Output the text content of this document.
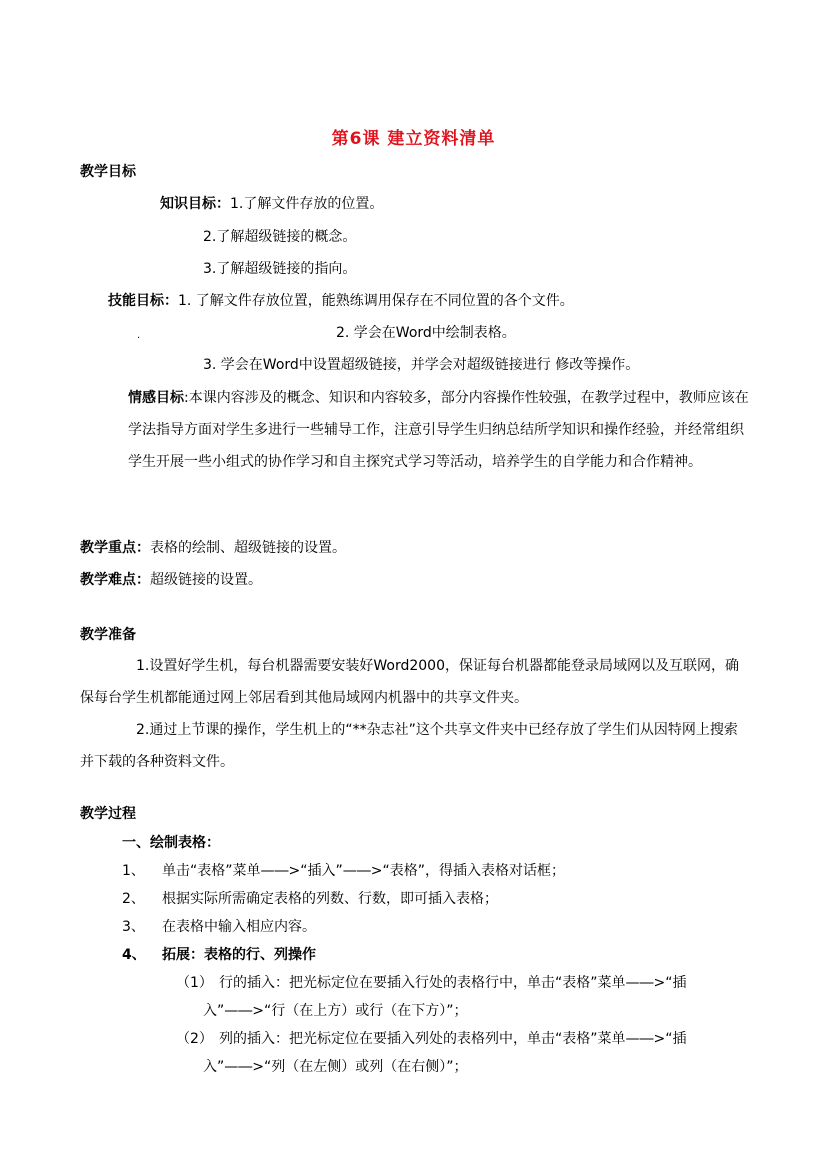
第6课 建立资料清单
教学目标
知识目标：1.了解文件存放的位置。
2.了解超级链接的概念。
3.了解超级链接的指向。
技能目标：1. 了解文件存放位置，能熟练调用保存在不同位置的各个文件。
.	2. 学会在Word中绘制表格。
3. 学会在Word中设置超级链接，并学会对超级链接进行 修改等操作。
情感目标:本课内容涉及的概念、知识和内容较多，部分内容操作性较强，在教学过程中，教师应该在学法指导方面对学生多进行一些辅导工作，注意引导学生归纳总结所学知识和操作经验，并经常组织学生开展一些小组式的协作学习和自主探究式学习等活动，培养学生的自学能力和合作精神。
教学重点：表格的绘制、超级链接的设置。
教学难点：超级链接的设置。
教学准备
1.设置好学生机，每台机器需要安装好Word2000，保证每台机器都能登录局域网以及互联网，确保每台学生机都能通过网上邻居看到其他局域网内机器中的共享文件夹。
2.通过上节课的操作，学生机上的“**杂志社”这个共享文件夹中已经存放了学生们从因特网上搜索并下载的各种资料文件。
教学过程
一、绘制表格：
1、 单击“表格”菜单—―>“插入”—―>“表格”，得插入表格对话框；
2、 根据实际所需确定表格的列数、行数，即可插入表格；
3、 在表格中输入相应内容。
4、 拓展：表格的行、列操作
（1） 行的插入：把光标定位在要插入行处的表格行中，单击“表格”菜单—―>“插
入”—―>“行（在上方）或行（在下方）”；
（2） 列的插入：把光标定位在要插入列处的表格列中，单击“表格”菜单—―>“插
入”—―>“列（在左侧）或列（在右侧）”；
